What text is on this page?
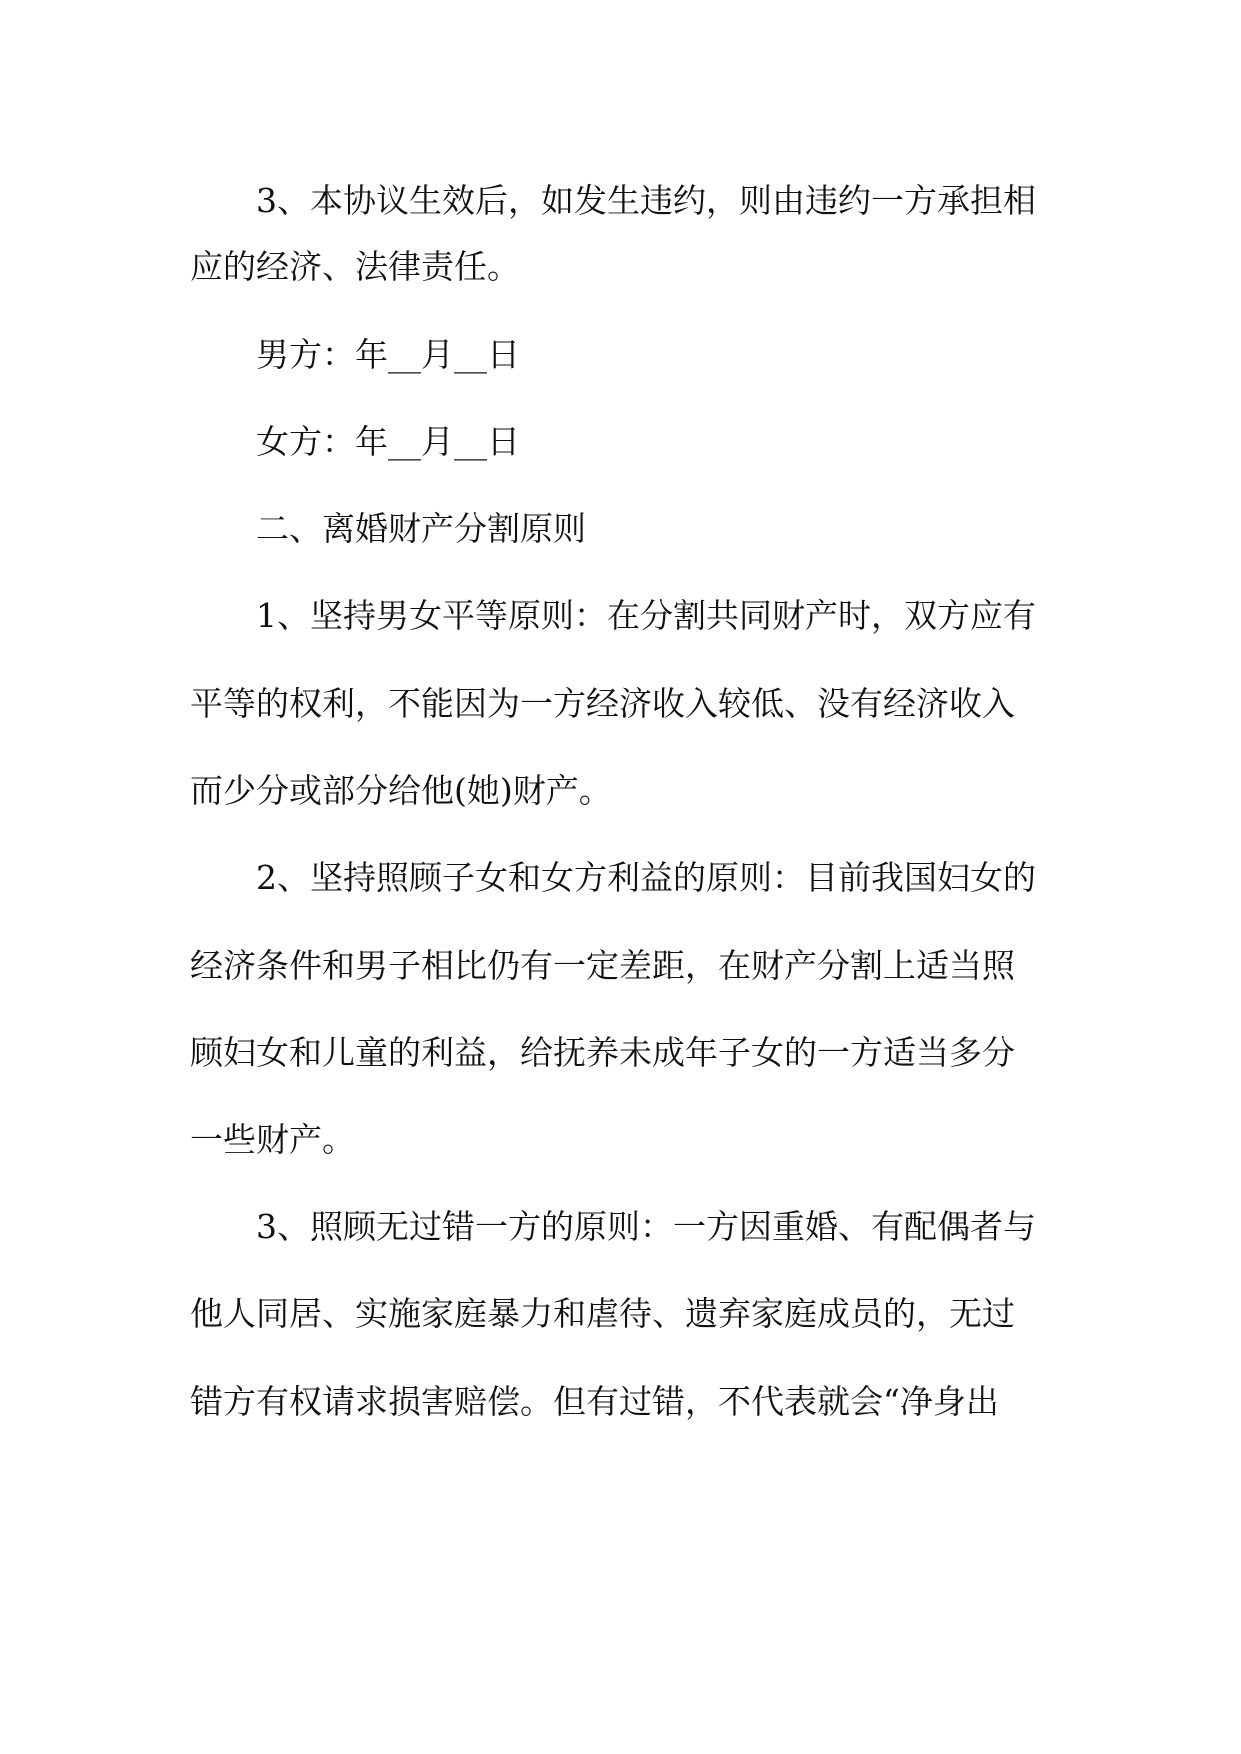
3、本协议生效后，如发生违约，则由违约一方承担相
应的经济、法律责任。
男方：年__月__日
女方：年__月__日
二、离婚财产分割原则
1、坚持男女平等原则：在分割共同财产时，双方应有
平等的权利，不能因为一方经济收入较低、没有经济收入
而少分或部分给他(她)财产。
2、坚持照顾子女和女方利益的原则：目前我国妇女的
经济条件和男子相比仍有一定差距，在财产分割上适当照
顾妇女和儿童的利益，给抚养未成年子女的一方适当多分
一些财产。
3、照顾无过错一方的原则：一方因重婚、有配偶者与
他人同居、实施家庭暴力和虐待、遗弃家庭成员的，无过
错方有权请求损害赔偿。但有过错，不代表就会“净身出
